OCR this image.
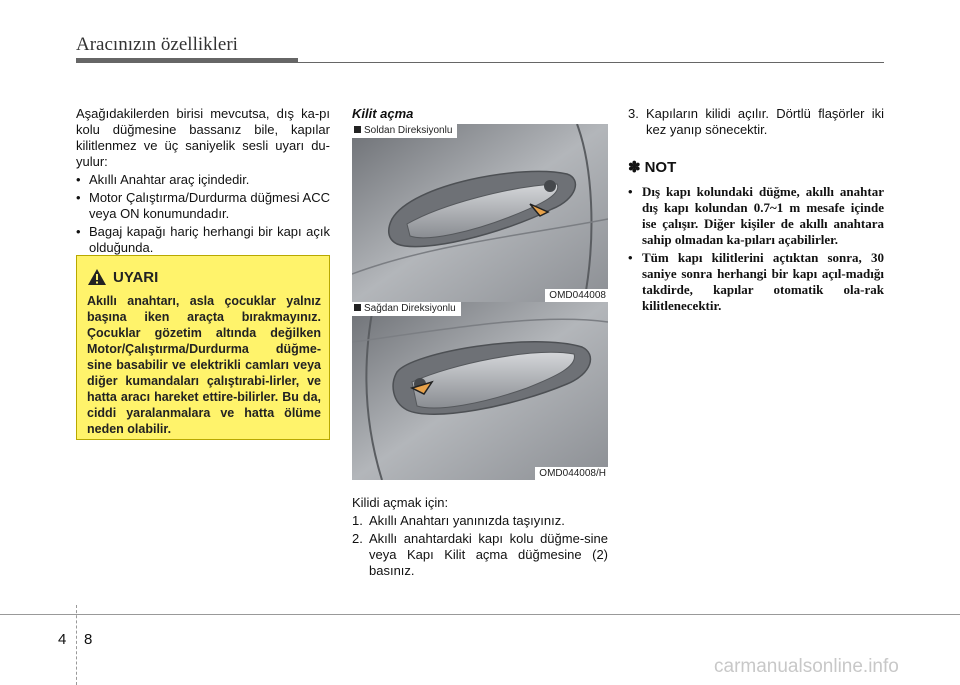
Aracınızın özellikleri

Aşağıdakilerden birisi mevcutsa, dış ka-pı kolu düğmesine bassanız bile, kapılar kilitlenmez ve üç saniyelik sesli uyarı du-yulur:

• Akıllı Anahtar araç içindedir.
• Motor Çalıştırma/Durdurma düğmesi ACC veya ON konumundadır.
• Bagaj kapağı hariç herhangi bir kapı açık olduğunda.
UYARI
Akıllı anahtarı, asla çocuklar yalnız başına iken araçta bırakmayınız. Çocuklar gözetim altında değilken Motor/Çalıştırma/Durdurma düğme-sine basabilir ve elektrikli camları veya diğer kumandaları çalıştırabi-lirler, ve hatta aracı hareket ettire-bilirler. Bu da, ciddi yaralanmalara ve hatta ölüme neden olabilir.

Kilit açma

Soldan Direksiyonlu
OMD044008
Sağdan Direksiyonlu
OMD044008/H

Kilidi açmak için:

1. Akıllı Anahtarı yanınızda taşıyınız.
2. Akıllı anahtardaki kapı kolu düğme-sine veya Kapı Kilit açma düğmesine (2) basınız.
3. Kapıların kilidi açılır. Dörtlü flaşörler iki kez yanıp sönecektir.
✽ NOT
• Dış kapı kolundaki düğme, akıllı anahtar dış kapı kolundan 0.7~1 m mesafe içinde ise çalışır. Diğer kişiler de akıllı anahtara sahip olmadan ka-pıları açabilirler.
• Tüm kapı kilitlerini açtıktan sonra, 30 saniye sonra herhangi bir kapı açıl-madığı takdirde, kapılar otomatik ola-rak kilitlenecektir.
4 8
carmanualsonline.info
